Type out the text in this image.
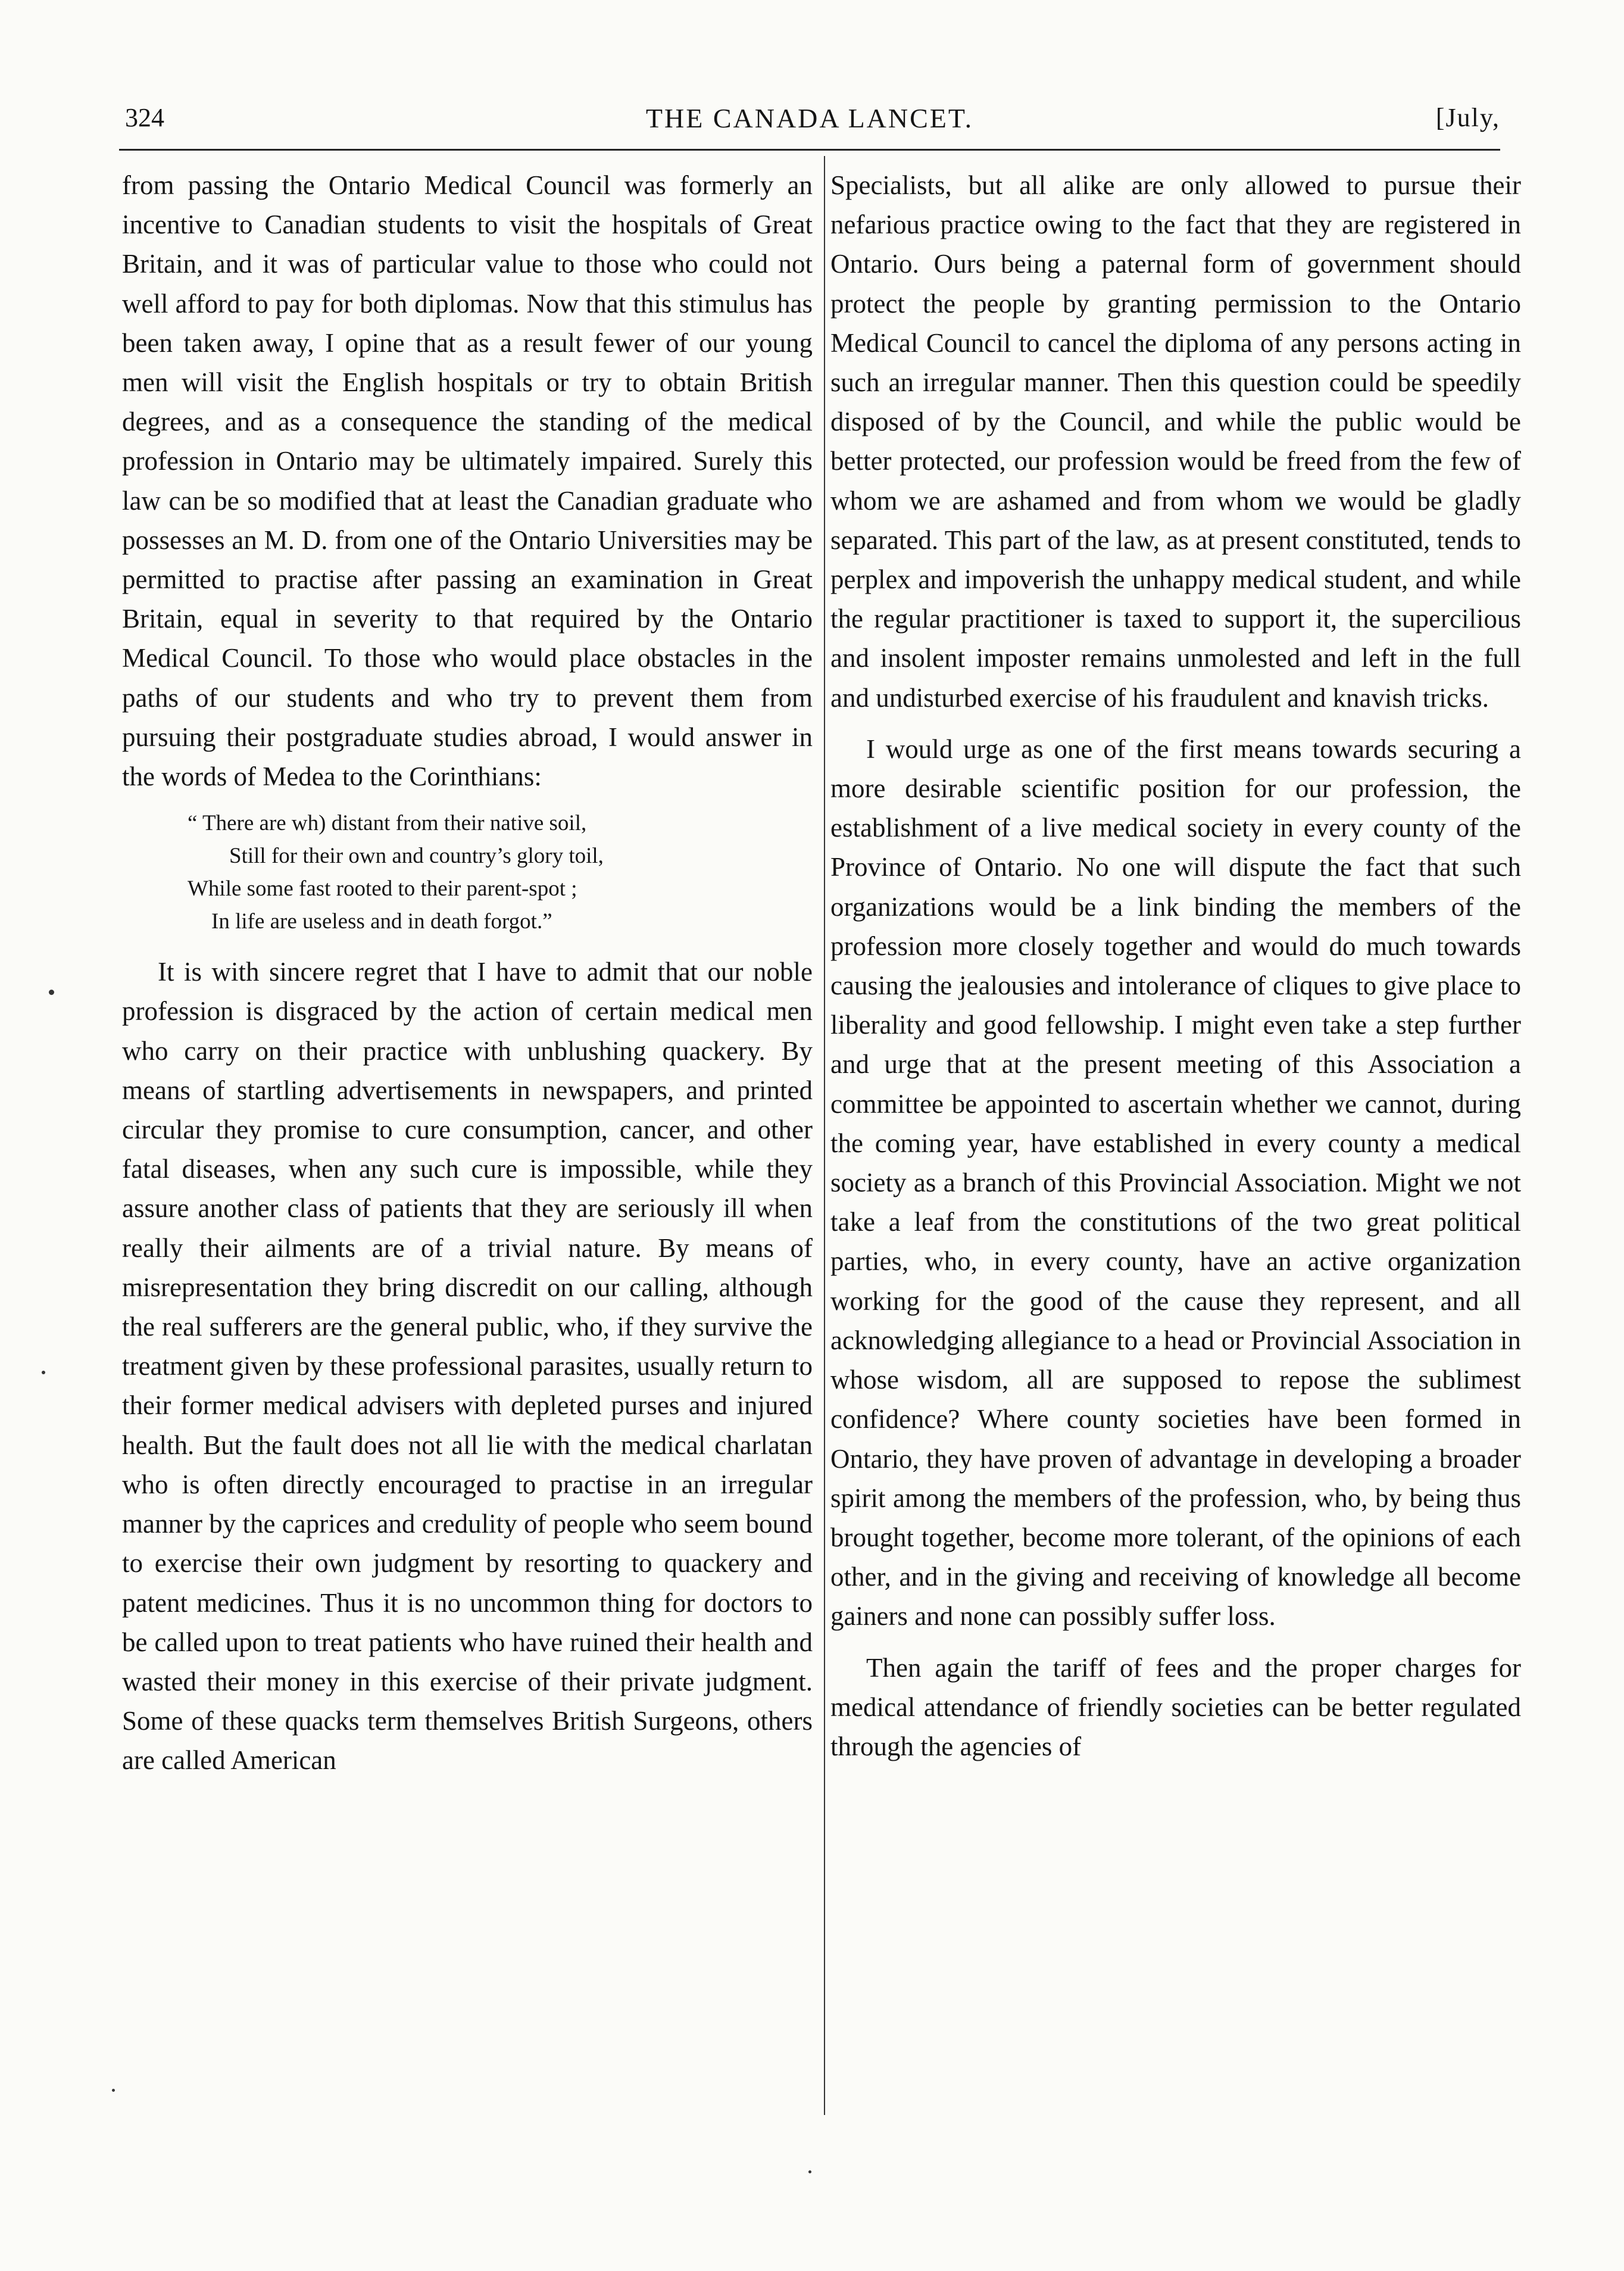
324	THE CANADA LANCET.	[July,

from passing the Ontario Medical Council was formerly an incentive to Canadian students to visit the hospitals of Great Britain, and it was of particular value to those who could not well afford to pay for both diplomas. Now that this stimulus has been taken away, I opine that as a result fewer of our young men will visit the English hospitals or try to obtain British degrees, and as a consequence the standing of the medical profession in Ontario may be ultimately impaired. Surely this law can be so modified that at least the Canadian graduate who possesses an M. D. from one of the Ontario Universities may be permitted to practise after passing an examination in Great Britain, equal in severity to that required by the Ontario Medical Council. To those who would place obstacles in the paths of our students and who try to prevent them from pursuing their postgraduate studies abroad, I would answer in the words of Medea to the Corinthians:

“ There are wh) distant from their native soil,
Still for their own and country’s glory toil,
While some fast rooted to their parent-spot ;
In life are useless and in death forgot.”

It is with sincere regret that I have to admit that our noble profession is disgraced by the action of certain medical men who carry on their practice with unblushing quackery. By means of startling advertisements in newspapers, and printed circular they promise to cure consumption, cancer, and other fatal diseases, when any such cure is impossible, while they assure another class of patients that they are seriously ill when really their ailments are of a trivial nature. By means of misrepresentation they bring discredit on our calling, although the real sufferers are the general public, who, if they survive the treatment given by these professional parasites, usually return to their former medical advisers with depleted purses and injured health. But the fault does not all lie with the medical charlatan who is often directly encouraged to practise in an irregular manner by the caprices and credulity of people who seem bound to exercise their own judgment by resorting to quackery and patent medicines. Thus it is no uncommon thing for doctors to be called upon to treat patients who have ruined their health and wasted their money in this exercise of their private judgment. Some of these quacks term themselves British Surgeons, others are called American

Specialists, but all alike are only allowed to pursue their nefarious practice owing to the fact that they are registered in Ontario. Ours being a paternal form of government should protect the people by granting permission to the Ontario Medical Council to cancel the diploma of any persons acting in such an irregular manner. Then this question could be speedily disposed of by the Council, and while the public would be better protected, our profession would be freed from the few of whom we are ashamed and from whom we would be gladly separated. This part of the law, as at present constituted, tends to perplex and impoverish the unhappy medical student, and while the regular practitioner is taxed to support it, the supercilious and insolent imposter remains unmolested and left in the full and undisturbed exercise of his fraudulent and knavish tricks.

I would urge as one of the first means towards securing a more desirable scientific position for our profession, the establishment of a live medical society in every county of the Province of Ontario. No one will dispute the fact that such organizations would be a link binding the members of the profession more closely together and would do much towards causing the jealousies and intolerance of cliques to give place to liberality and good fellowship. I might even take a step further and urge that at the present meeting of this Association a committee be appointed to ascertain whether we cannot, during the coming year, have established in every county a medical society as a branch of this Provincial Association. Might we not take a leaf from the constitutions of the two great political parties, who, in every county, have an active organization working for the good of the cause they represent, and all acknowledging allegiance to a head or Provincial Association in whose wisdom, all are supposed to repose the sublimest confidence? Where county societies have been formed in Ontario, they have proven of advantage in developing a broader spirit among the members of the profession, who, by being thus brought together, become more tolerant, of the opinions of each other, and in the giving and receiving of knowledge all become gainers and none can possibly suffer loss.

Then again the tariff of fees and the proper charges for medical attendance of friendly societies can be better regulated through the agencies of
